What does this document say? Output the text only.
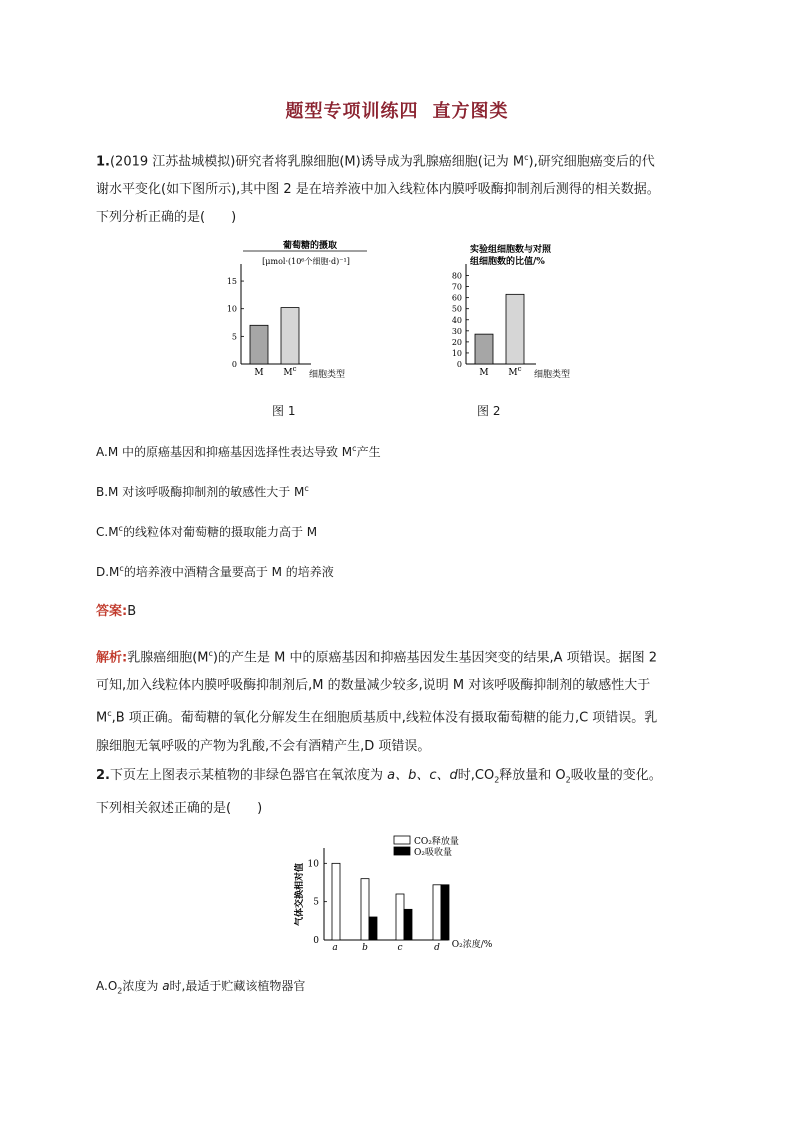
题型专项训练四 直方图类
1.(2019 江苏盐城模拟)研究者将乳腺细胞(M)诱导成为乳腺癌细胞(记为 $M^c$),研究细胞癌变后的代
谢水平变化(如下图所示),其中图 2 是在培养液中加入线粒体内膜呼吸酶抑制剂后测得的相关数据。
下列分析正确的是(　　)
葡萄糖的摄取
[μmol·(10⁶个细胞·d)⁻¹]
0
5
10
15
M $M^c$
细胞类型
图 1
实验组细胞数与对照
组细胞数的比值/%
0
10
20
30
40
50
60
70
80
M $M^c$
细胞类型
图 2
A.M 中的原癌基因和抑癌基因选择性表达导致 $M^c$产生
B.M 对该呼吸酶抑制剂的敏感性大于 $M^c$
$C.M^c$的线粒体对葡萄糖的摄取能力高于 M
$D.M^c$的培养液中酒精含量要高于 M 的培养液
答案:B
解析:乳腺癌细胞$(M^c)$的产生是 M 中的原癌基因和抑癌基因发生基因突变的结果,A 项错误。据图 2
可知,加入线粒体内膜呼吸酶抑制剂后,M 的数量减少较多,说明 M 对该呼吸酶抑制剂的敏感性大于
$M^c,B$ 项正确。葡萄糖的氧化分解发生在细胞质基质中,线粒体没有摄取葡萄糖的能力,C 项错误。乳
腺细胞无氧呼吸的产物为乳酸,不会有酒精产生,D 项错误。
2.下页左上图表示某植物的非绿色器官在氧浓度为 a、b、c、d时$,CO_2$释放量和 $O_2$吸收量的变化。
下列相关叙述正确的是(　　)
CO₂释放量
O₂吸收量
气体交换相对值
0
5
10
a	b	c	d O₂浓度/%
$A.O_2$浓度为 a时,最适于贮藏该植物器官
